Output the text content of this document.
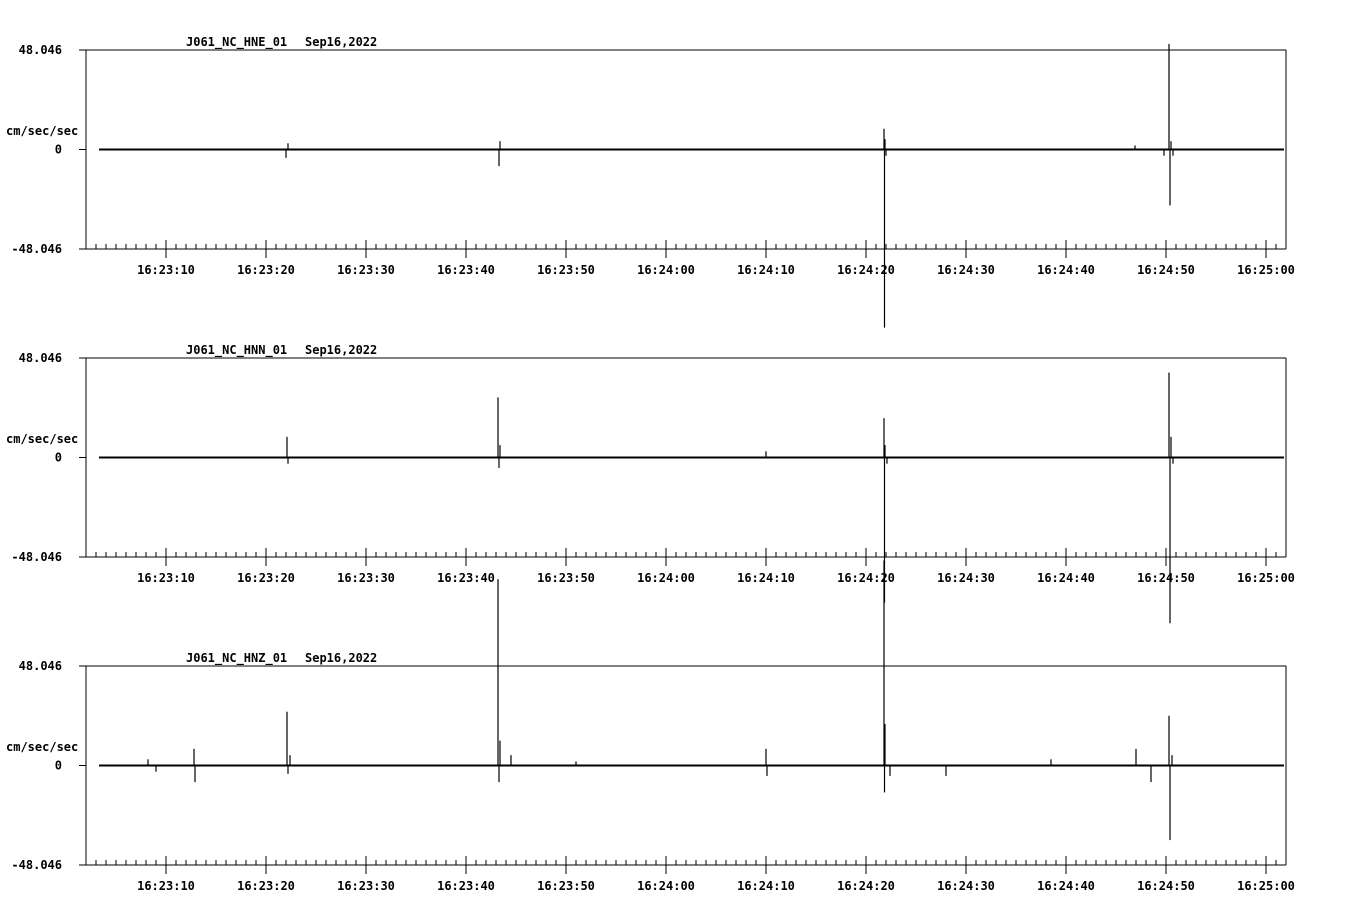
48.046
0
-48.046
cm/sec/sec
J061_NC_HNE_01 Sep16,2022
16:23:10	16:23:20	16:23:30	16:23:40	16:23:50	16:24:00	16:24:10	16:24:20	16:24:30	16:24:40	16:24:50	16:25:00
48.046
0
-48.046
cm/sec/sec
J061_NC_HNN_01 Sep16,2022
16:23:10	16:23:20	16:23:30	16:23:40	16:23:50	16:24:00	16:24:10	16:24:20	16:24:30	16:24:40	16:24:50	16:25:00
48.046
0
-48.046
cm/sec/sec
J061_NC_HNZ_01 Sep16,2022
16:23:10	16:23:20	16:23:30	16:23:40	16:23:50	16:24:00	16:24:10	16:24:20	16:24:30	16:24:40	16:24:50	16:25:00
